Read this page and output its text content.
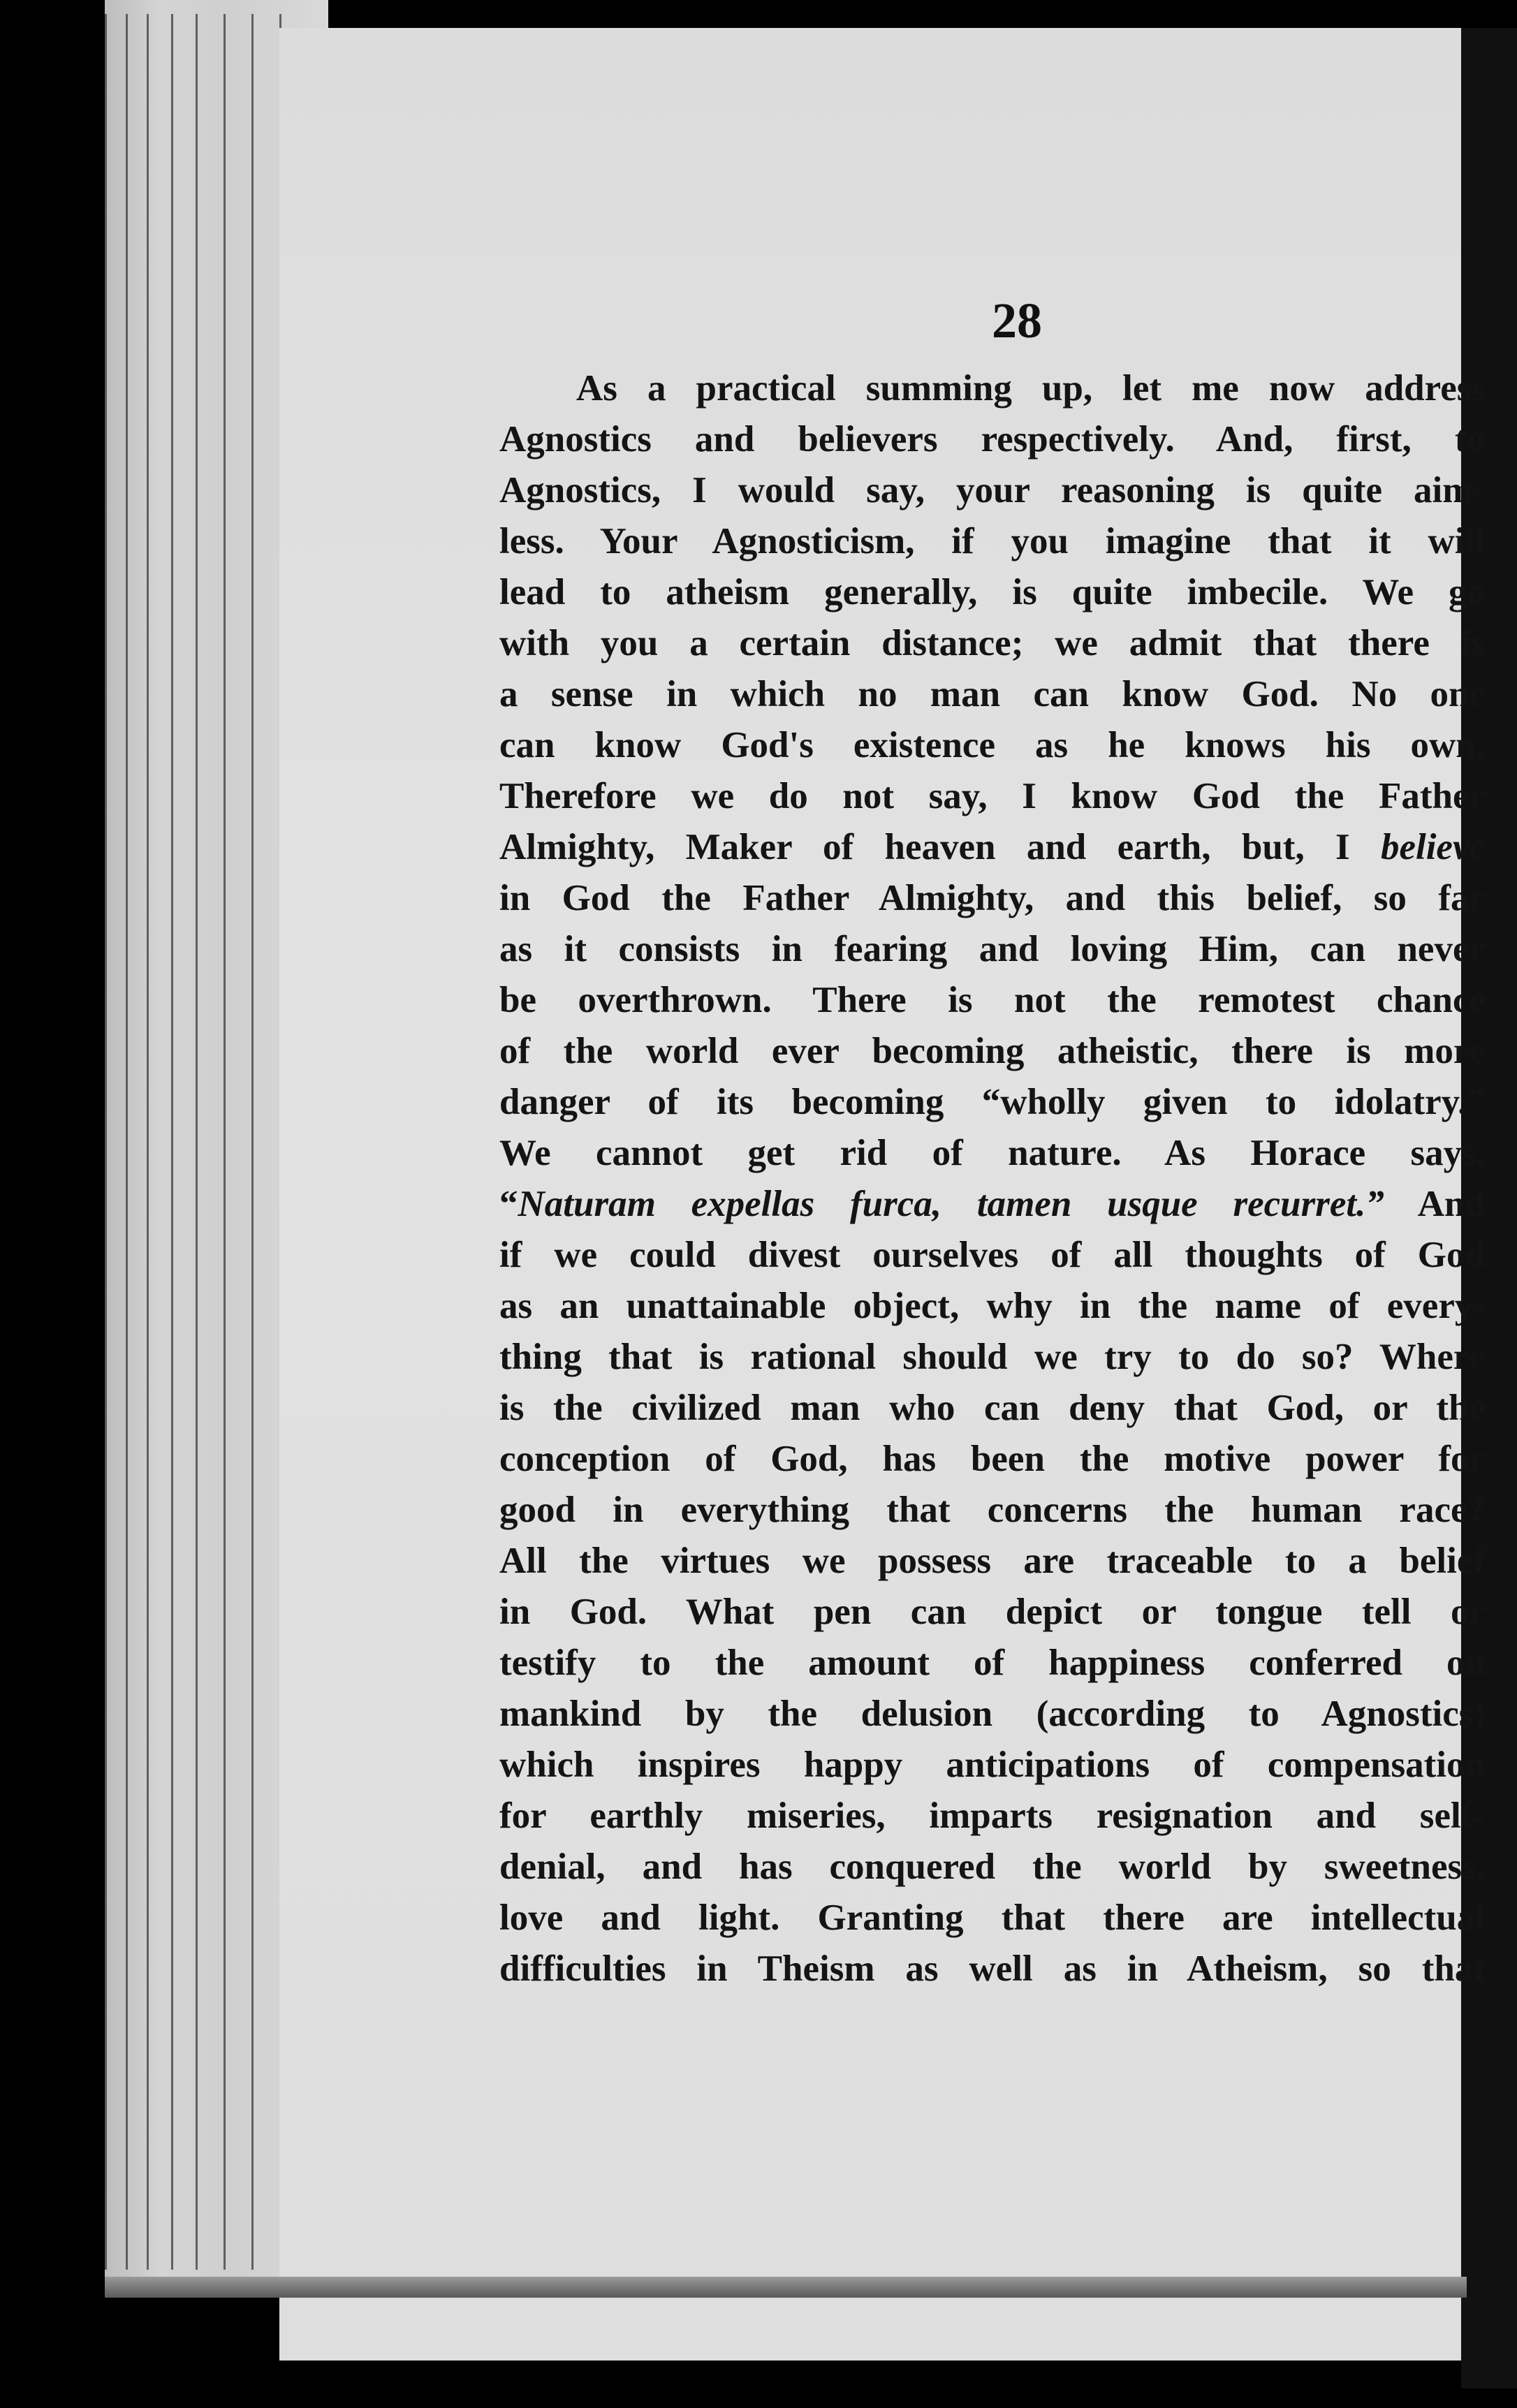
28
As a practical summing up, let me now address
Agnostics and believers respectively. And, first, to
Agnostics, I would say, your reasoning is quite aim-
less. Your Agnosticism, if you imagine that it will
lead to atheism generally, is quite imbecile. We go
with you a certain distance; we admit that there is
a sense in which no man can know God. No one
can know God's existence as he knows his own.
Therefore we do not say, I know God the Father
Almighty, Maker of heaven and earth, but, I believe
in God the Father Almighty, and this belief, so far
as it consists in fearing and loving Him, can never
be overthrown. There is not the remotest chance
of the world ever becoming atheistic, there is more
danger of its becoming “wholly given to idolatry.”
We cannot get rid of nature. As Horace says,
“Naturam expellas furca, tamen usque recurret.” And
if we could divest ourselves of all thoughts of God
as an unattainable object, why in the name of every-
thing that is rational should we try to do so? Where
is the civilized man who can deny that God, or the
conception of God, has been the motive power for
good in everything that concerns the human race?
All the virtues we possess are traceable to a belief
in God. What pen can depict or tongue tell or
testify to the amount of happiness conferred on
mankind by the delusion (according to Agnostics)
which inspires happy anticipations of compensation
for earthly miseries, imparts resignation and self-
denial, and has conquered the world by sweetness,
love and light. Granting that there are intellectual
difficulties in Theism as well as in Atheism, so that
